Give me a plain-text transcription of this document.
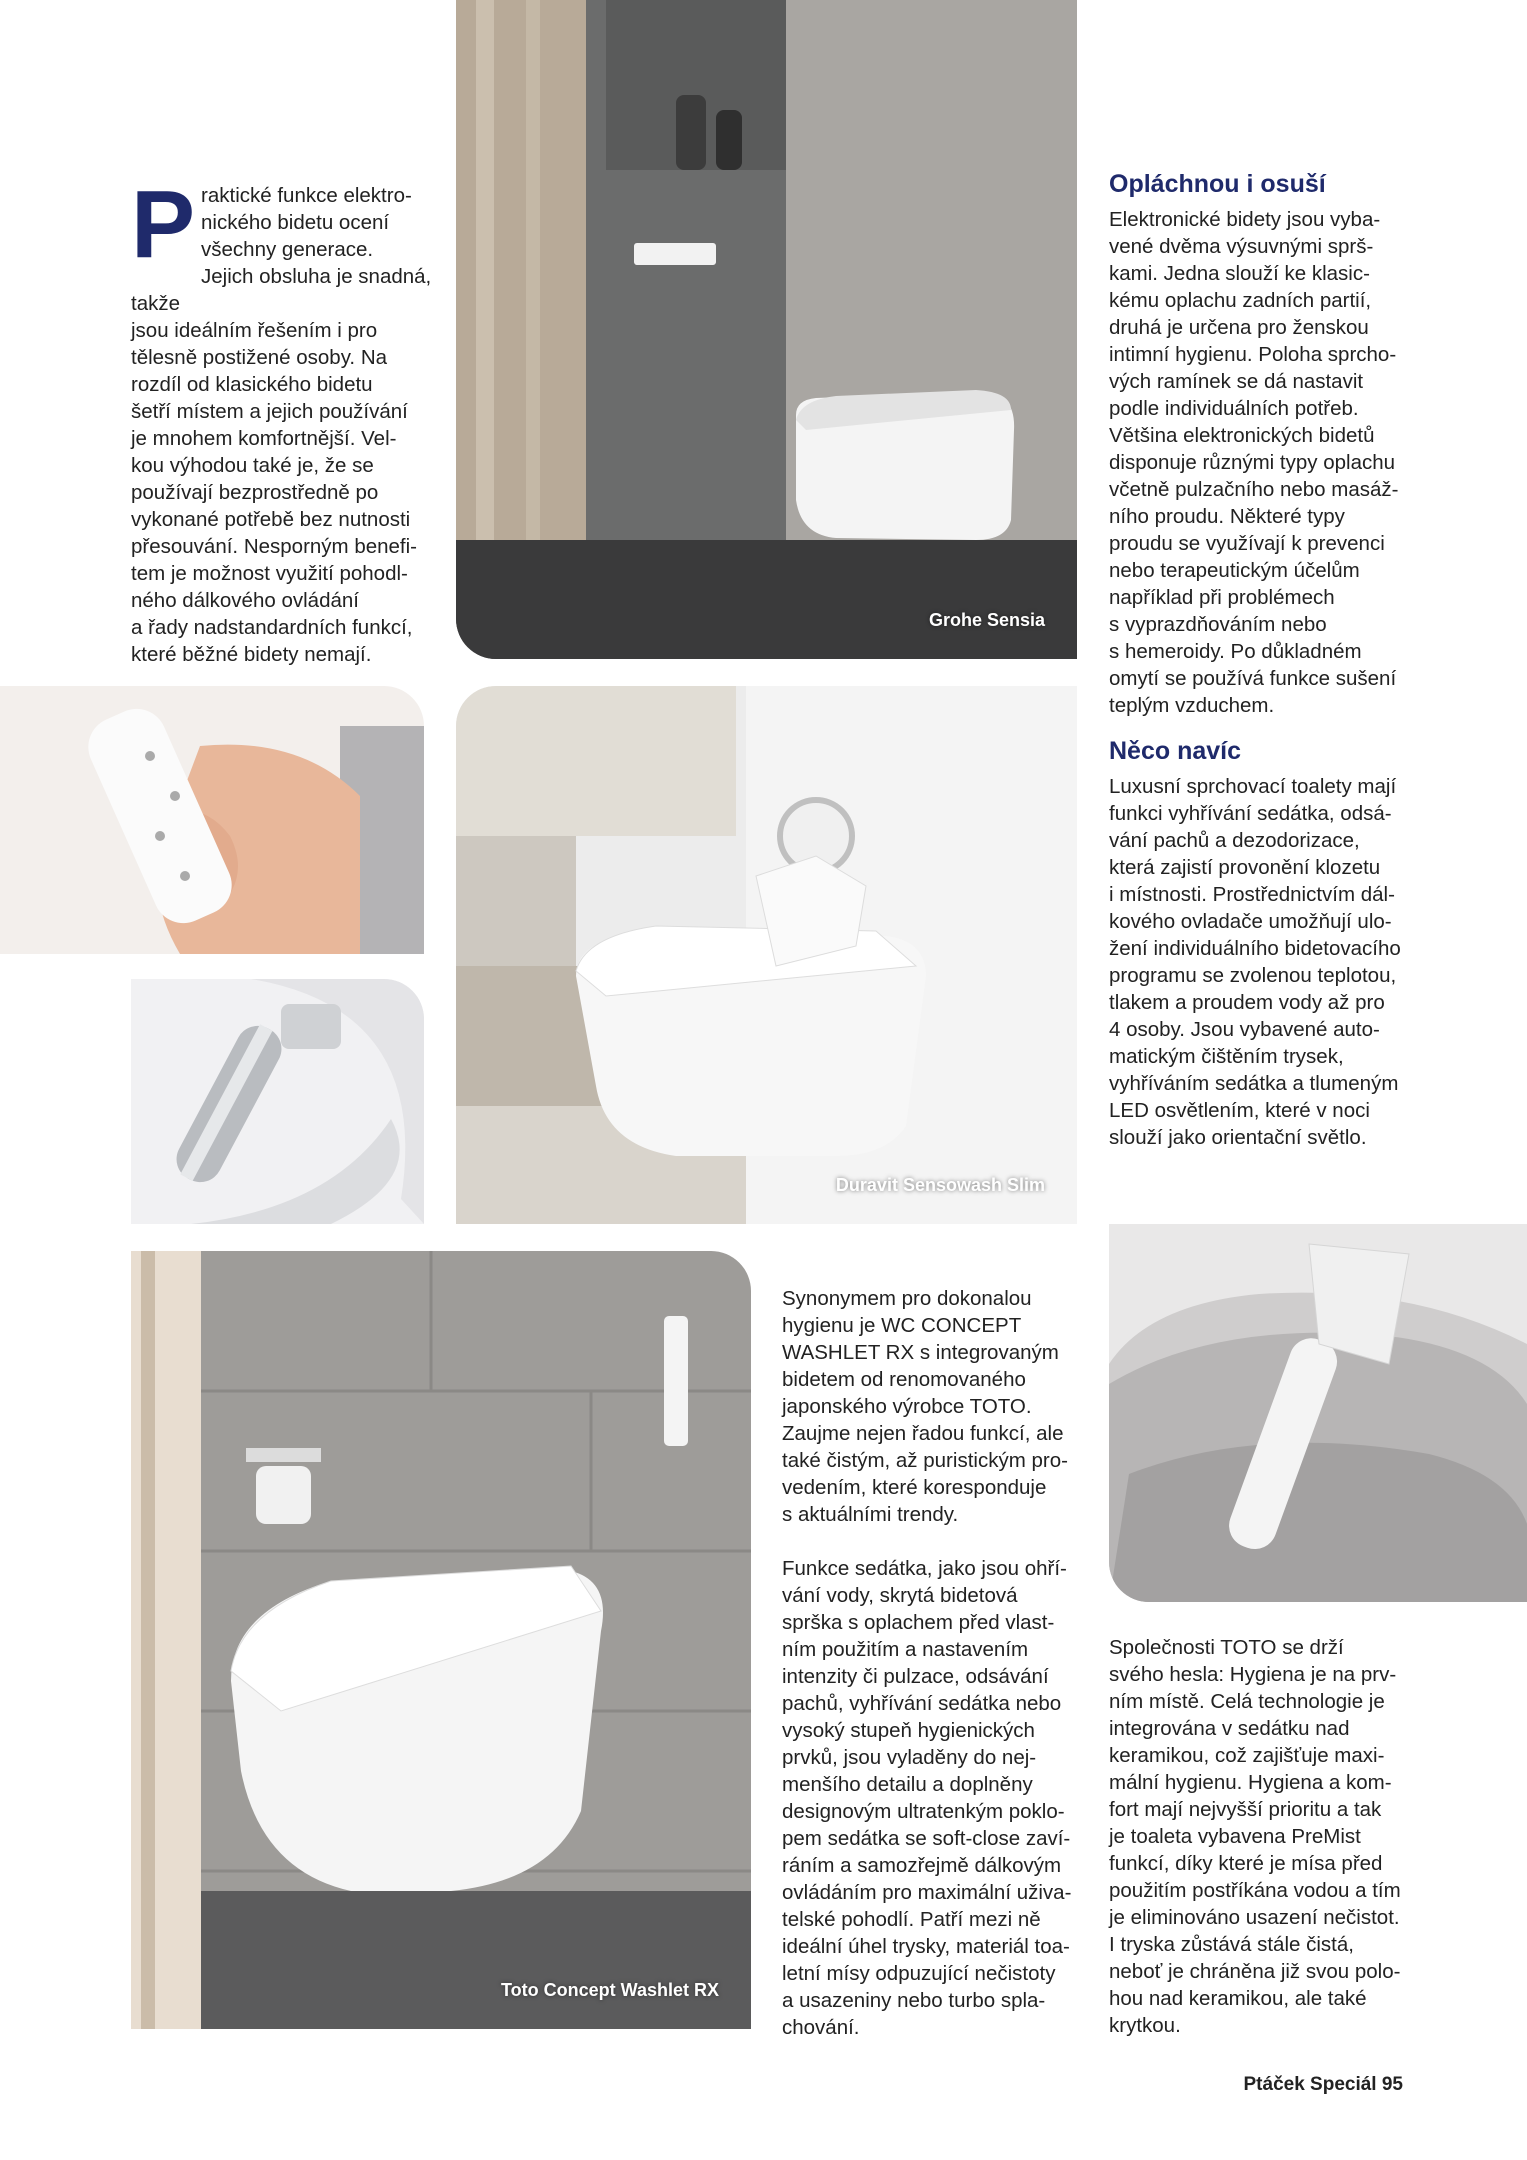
Grohe Sensia
Duravit Sensowash Slim
Toto Concept Washlet RX
P raktické funkce elektro-
nického bidetu ocení
všechny generace.
Jejich obsluha je snadná, takže
jsou ideálním řešením i pro
tělesně postižené osoby. Na
rozdíl od klasického bidetu
šetří místem a jejich používání
je mnohem komfortnější. Vel-
kou výhodou také je, že se
používají bezprostředně po
vykonané potřebě bez nutnosti
přesouvání. Nesporným benefi-
tem je možnost využití pohodl-
ného dálkového ovládání
a řady nadstandardních funkcí,
které běžné bidety nemají.

Opláchnou i osuší

Elektronické bidety jsou vyba-
vené dvěma výsuvnými sprš-
kami. Jedna slouží ke klasic-
kému oplachu zadních partií,
druhá je určena pro ženskou
intimní hygienu. Poloha sprcho-
vých ramínek se dá nastavit
podle individuálních potřeb.
Většina elektronických bidetů
disponuje různými typy oplachu
včetně pulzačního nebo masáž-
ního proudu. Některé typy
proudu se využívají k prevenci
nebo terapeutickým účelům
například při problémech
s vyprazdňováním nebo
s hemeroidy. Po důkladném
omytí se používá funkce sušení
teplým vzduchem.

Něco navíc

Luxusní sprchovací toalety mají
funkci vyhřívání sedátka, odsá-
vání pachů a dezodorizace,
která zajistí provonění klozetu
i místnosti. Prostřednictvím dál-
kového ovladače umožňují ulo-
žení individuálního bidetovacího
programu se zvolenou teplotou,
tlakem a proudem vody až pro
4 osoby. Jsou vybavené auto-
matickým čištěním trysek,
vyhříváním sedátka a tlumeným
LED osvětlením, které v noci
slouží jako orientační světlo.

Synonymem pro dokonalou
hygienu je WC CONCEPT
WASHLET RX s integrovaným
bidetem od renomovaného
japonského výrobce TOTO.
Zaujme nejen řadou funkcí, ale
také čistým, až puristickým pro-
vedením, které koresponduje
s aktuálními trendy.

Funkce sedátka, jako jsou ohří-
vání vody, skrytá bidetová
sprška s oplachem před vlast-
ním použitím a nastavením
intenzity či pulzace, odsávání
pachů, vyhřívání sedátka nebo
vysoký stupeň hygienických
prvků, jsou vyladěny do nej-
menšího detailu a doplněny
designovým ultratenkým poklo-
pem sedátka se soft-close zaví-
ráním a samozřejmě dálkovým
ovládáním pro maximální uživa-
telské pohodlí. Patří mezi ně
ideální úhel trysky, materiál toa-
letní mísy odpuzující nečistoty
a usazeniny nebo turbo spla-
chování.

Společnosti TOTO se drží
svého hesla: Hygiena je na prv-
ním místě. Celá technologie je
integrována v sedátku nad
keramikou, což zajišťuje maxi-
mální hygienu. Hygiena a kom-
fort mají nejvyšší prioritu a tak
je toaleta vybavena PreMist
funkcí, díky které je mísa před
použitím postříkána vodou a tím
je eliminováno usazení nečistot.
I tryska zůstává stále čistá,
neboť je chráněna již svou polo-
hou nad keramikou, ale také
krytkou.

Ptáček Speciál 95
